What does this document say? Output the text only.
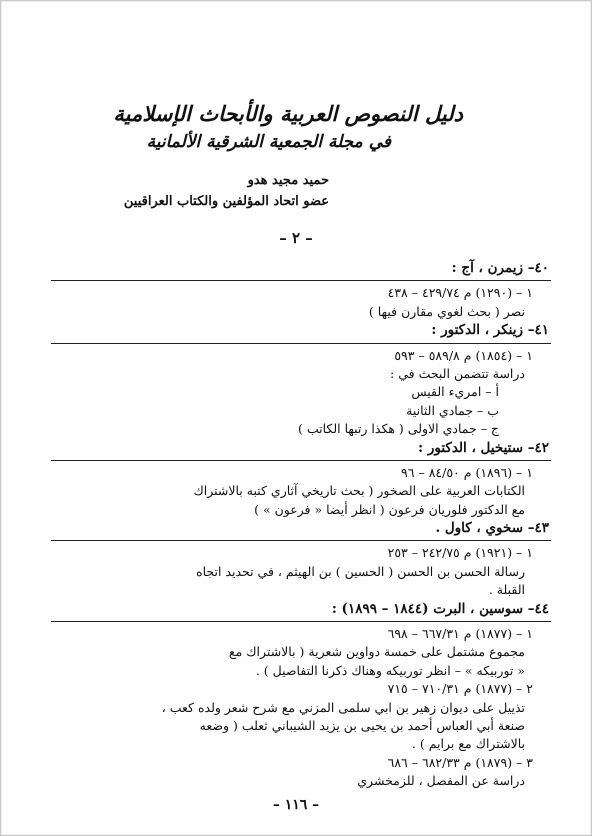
دليل النصوص العربية والأبحاث الإسلامية
في مجلة الجمعية الشرقية الألمانية
حميد مجيد هدو
عضو اتحاد المؤلفين والكتاب العراقيين
– ٢ –
٤٠– زيمرن ، آج :
١ – (١٢٩٠) م ٤٢٩/٧٤ – ٤٣٨
نصر ( بحث لغوي مقارن فيها )
٤١– زينكر ، الدكتور :
١ – (١٨٥٤) م ٥٨٩/٨ – ٥٩٣
دراسة تتضمن البحث في :
أ – امريء القيس
ب – جمادي الثانية
ج – جمادي الاولى ( هكذا رتبها الكاتب )
٤٢– ستيخيل ، الدكتور :
١ – (١٨٩٦) م ٨٤/٥٠ – ٩٦
الكتابات العربية على الصخور ( بحث تاريخي آثاري كتبه بالاشتراك
مع الدكتور فلوريان فرعون ( انظر أيضا « فرعون » )
٤٣– سخوي ، كاول .
١ – (١٩٢١) م ٢٤٢/٧٥ – ٢٥٣
رسالة الحسن بن الحسن ( الحسين ) بن الهيثم ، في تحديد اتجاه
القبلة .
٤٤– سوسين ، البرت (١٨٤٤ – ١٨٩٩) :
١ – (١٨٧٧) م ٦٦٧/٣١ – ٦٩٨
مجموع مشتمل على خمسة دواوين شعرية ( بالاشتراك مع
« توربيكه » – انظر توربيكه وهناك ذكرنا التفاصيل ) .
٢ – (١٨٧٧) م ٧١٠/٣١ – ٧١٥
تذييل على ديوان زهير بن ابي سلمى المزني مع شرح شعر ولده كعب ،
صنعة أبي العباس أحمد بن يحيى بن يزيد الشيباني ثعلب ( وضعه
بالاشتراك مع برايم ) .
٣ – (١٨٧٩) م ٦٨٢/٣٣ – ٦٨٦
دراسة عن المفصل ، للزمخشري
– ١١٦ –
